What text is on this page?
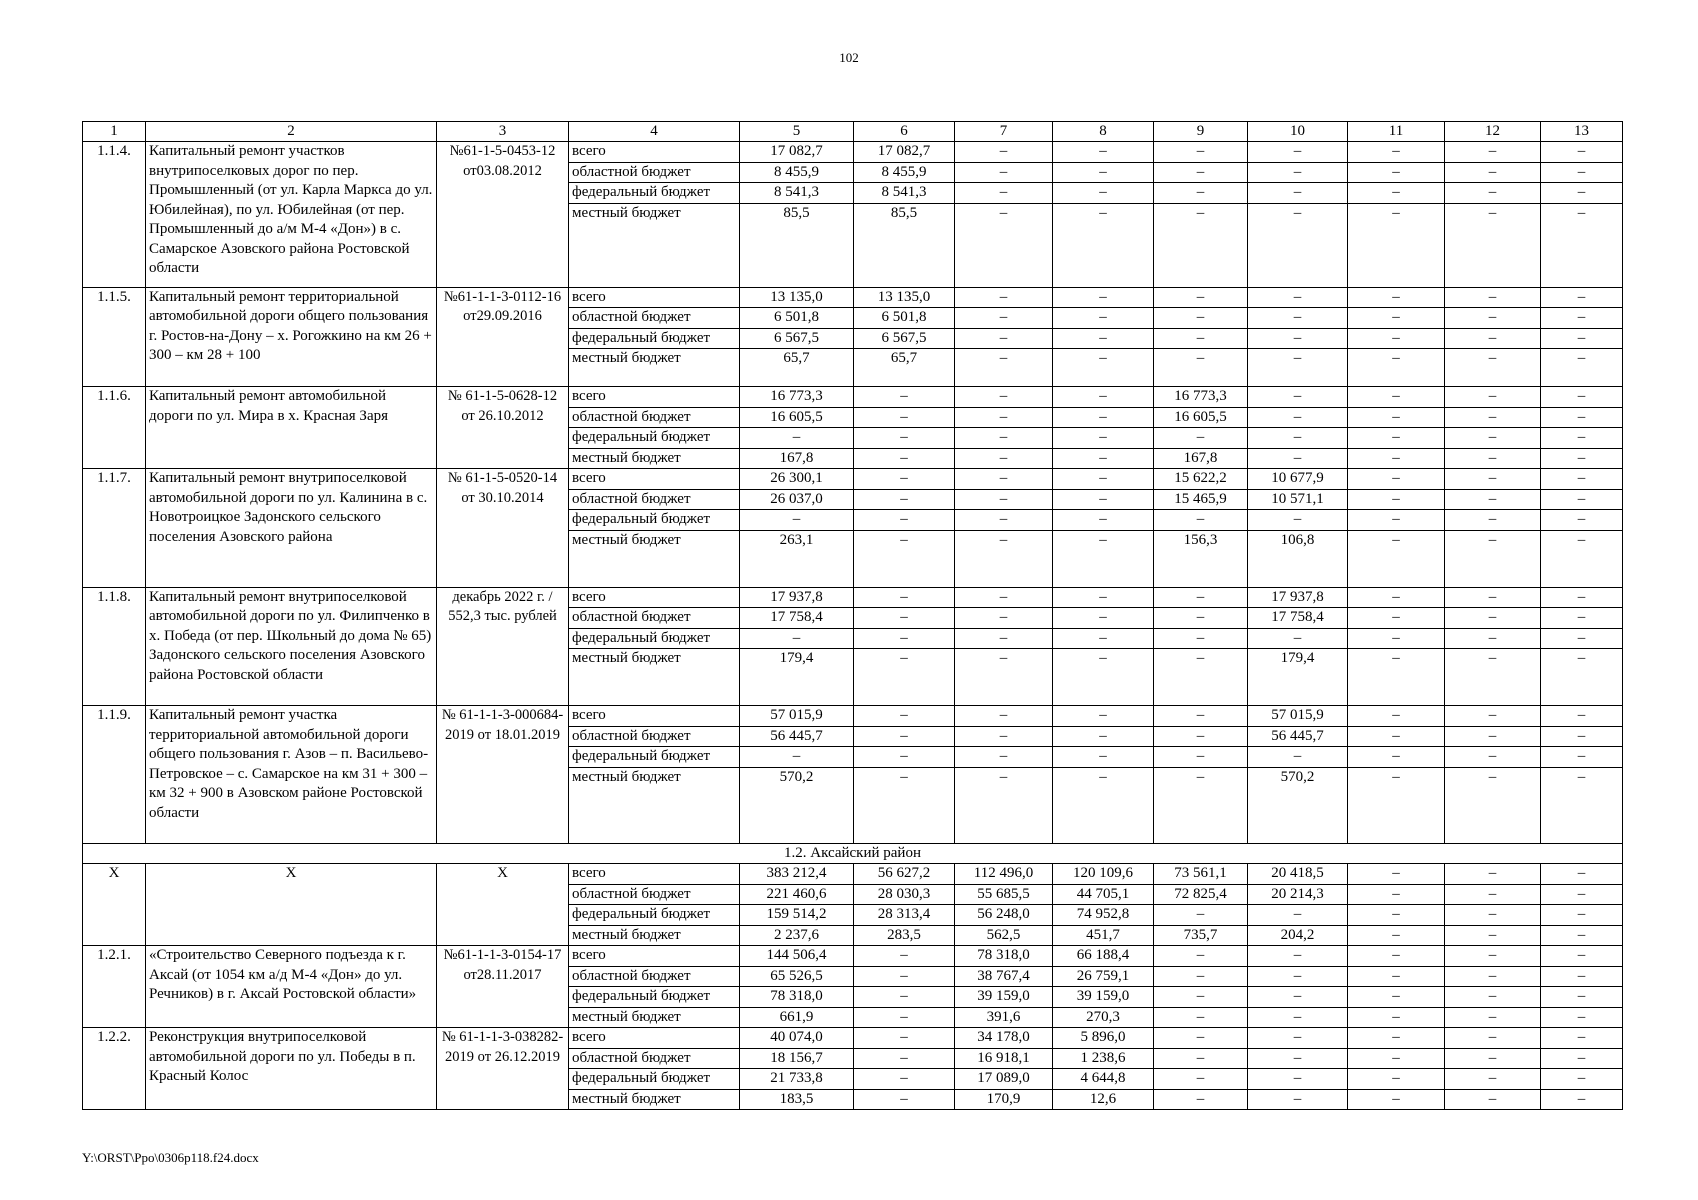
102
1	2	3	4	5	6	7	8	9	10	11	12	13
1.1.4.	Капитальный ремонт участков внутрипоселковых дорог по пер. Промышленный (от ул. Карла Маркса до ул. Юбилейная), по ул. Юбилейная (от пер. Промышленный до а/м М-4 «Дон») в с. Самарское Азовского района Ростовской области	№61-1-5-0453-12 от03.08.2012	всего	17 082,7	17 082,7	–	–	–	–	–	–	–
			областной бюджет	8 455,9	8 455,9	–	–	–	–	–	–	–
			федеральный бюджет	8 541,3	8 541,3	–	–	–	–	–	–	–
			местный бюджет	85,5	85,5	–	–	–	–	–	–	–
1.1.5.	Капитальный ремонт территориальной автомобильной дороги общего пользования г. Ростов-на-Дону – х. Рогожкино на км 26 + 300 – км 28 + 100	№61-1-1-3-0112-16 от29.09.2016	всего	13 135,0	13 135,0	–	–	–	–	–	–	–
			областной бюджет	6 501,8	6 501,8	–	–	–	–	–	–	–
			федеральный бюджет	6 567,5	6 567,5	–	–	–	–	–	–	–
			местный бюджет	65,7	65,7	–	–	–	–	–	–	–
1.1.6.	Капитальный ремонт автомобильной дороги по ул. Мира в х. Красная Заря	№ 61-1-5-0628-12 от 26.10.2012	всего	16 773,3	–	–	–	16 773,3	–	–	–	–
			областной бюджет	16 605,5	–	–	–	16 605,5	–	–	–	–
			федеральный бюджет	–	–	–	–	–	–	–	–	–
			местный бюджет	167,8	–	–	–	167,8	–	–	–	–
1.1.7.	Капитальный ремонт внутрипоселковой автомобильной дороги по ул. Калинина в с. Новотроицкое Задонского сельского поселения Азовского района	№ 61-1-5-0520-14 от 30.10.2014	всего	26 300,1	–	–	–	15 622,2	10 677,9	–	–	–
			областной бюджет	26 037,0	–	–	–	15 465,9	10 571,1	–	–	–
			федеральный бюджет	–	–	–	–	–	–	–	–	–
			местный бюджет	263,1	–	–	–	156,3	106,8	–	–	–
1.1.8.	Капитальный ремонт внутрипоселковой автомобильной дороги по ул. Филипченко в х. Победа (от пер. Школьный до дома № 65) Задонского сельского поселения Азовского района Ростовской области	декабрь 2022 г. / 552,3 тыс. рублей	всего	17 937,8	–	–	–	–	17 937,8	–	–	–
			областной бюджет	17 758,4	–	–	–	–	17 758,4	–	–	–
			федеральный бюджет	–	–	–	–	–	–	–	–	–
			местный бюджет	179,4	–	–	–	–	179,4	–	–	–
1.1.9.	Капитальный ремонт участка территориальной автомобильной дороги общего пользования г. Азов – п. Васильево-Петровское – с. Самарское на км 31 + 300 – км 32 + 900 в Азовском районе Ростовской области	№ 61-1-1-3-000684-2019 от 18.01.2019	всего	57 015,9	–	–	–	–	57 015,9	–	–	–
			областной бюджет	56 445,7	–	–	–	–	56 445,7	–	–	–
			федеральный бюджет	–	–	–	–	–	–	–	–	–
			местный бюджет	570,2	–	–	–	–	570,2	–	–	–
1.2. Аксайский район												
Х	Х	Х	всего	383 212,4	56 627,2	112 496,0	120 109,6	73 561,1	20 418,5	–	–	–
			областной бюджет	221 460,6	28 030,3	55 685,5	44 705,1	72 825,4	20 214,3	–	–	–
			федеральный бюджет	159 514,2	28 313,4	56 248,0	74 952,8	–	–	–	–	–
			местный бюджет	2 237,6	283,5	562,5	451,7	735,7	204,2	–	–	–
1.2.1.	«Строительство Северного подъезда к г. Аксай (от 1054 км а/д М-4 «Дон» до ул. Речников) в г. Аксай Ростовской области»	№61-1-1-3-0154-17 от28.11.2017	всего	144 506,4	–	78 318,0	66 188,4	–	–	–	–	–
			областной бюджет	65 526,5	–	38 767,4	26 759,1	–	–	–	–	–
			федеральный бюджет	78 318,0	–	39 159,0	39 159,0	–	–	–	–	–
			местный бюджет	661,9	–	391,6	270,3	–	–	–	–	–
1.2.2.	Реконструкция внутрипоселковой автомобильной дороги по ул. Победы в п. Красный Колос	№ 61-1-1-3-038282-2019 от 26.12.2019	всего	40 074,0	–	34 178,0	5 896,0	–	–	–	–	–
			областной бюджет	18 156,7	–	16 918,1	1 238,6	–	–	–	–	–
			федеральный бюджет	21 733,8	–	17 089,0	4 644,8	–	–	–	–	–
			местный бюджет	183,5	–	170,9	12,6	–	–	–	–	–
Y:\ORST\Ppo\0306p118.f24.docx
